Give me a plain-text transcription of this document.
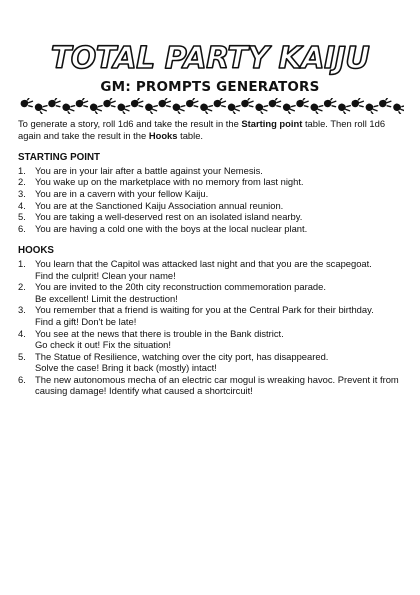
TOTAL PARTY KAIJU
GM: PROMPTS GENERATORS

To generate a story, roll 1d6 and take the result in the Starting point table. Then roll 1d6 again and take the result in the Hooks table.

STARTING POINT
1. You are in your lair after a battle against your Nemesis.
2. You wake up on the marketplace with no memory from last night.
3. You are in a cavern with your fellow Kaiju.
4. You are at the Sanctioned Kaiju Association annual reunion.
5. You are taking a well-deserved rest on an isolated island nearby.
6. You are having a cold one with the boys at the local nuclear plant.
HOOKS
1. You learn that the Capitol was attacked last night and that you are the scapegoat.
Find the culprit! Clean your name!
2. You are invited to the 20th city reconstruction commemoration parade.
Be excellent! Limit the destruction!
3. You remember that a friend is waiting for you at the Central Park for their birthday.
Find a gift! Don't be late!
4. You see at the news that there is trouble in the Bank district.
Go check it out! Fix the situation!
5. The Statue of Resilience, watching over the city port, has disappeared.
Solve the case! Bring it back (mostly) intact!
6. The new autonomous mecha of an electric car mogul is wreaking havoc. Prevent it from causing damage! Identify what caused a shortcircuit!
